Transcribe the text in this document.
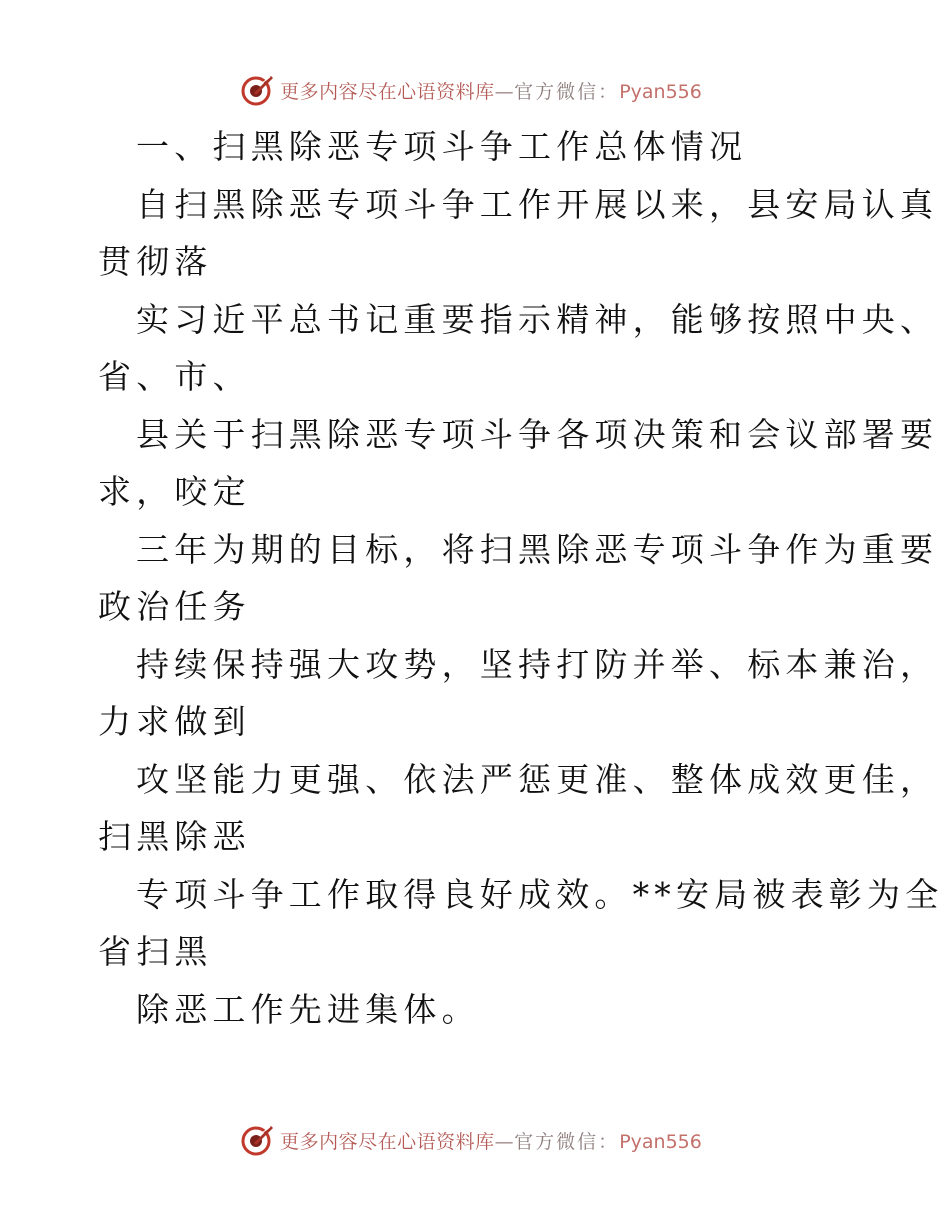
更多内容尽在心语资料库—官方微信：Pyan556
一、扫黑除恶专项斗争工作总体情况
自扫黑除恶专项斗争工作开展以来，县安局认真
贯彻落
实习近平总书记重要指示精神，能够按照中央、
省、市、
县关于扫黑除恶专项斗争各项决策和会议部署要
求，咬定
三年为期的目标，将扫黑除恶专项斗争作为重要
政治任务
持续保持强大攻势，坚持打防并举、标本兼治，
力求做到
攻坚能力更强、依法严惩更准、整体成效更佳，
扫黑除恶
专项斗争工作取得良好成效。**安局被表彰为全
省扫黑
除恶工作先进集体。
更多内容尽在心语资料库—官方微信：Pyan556
